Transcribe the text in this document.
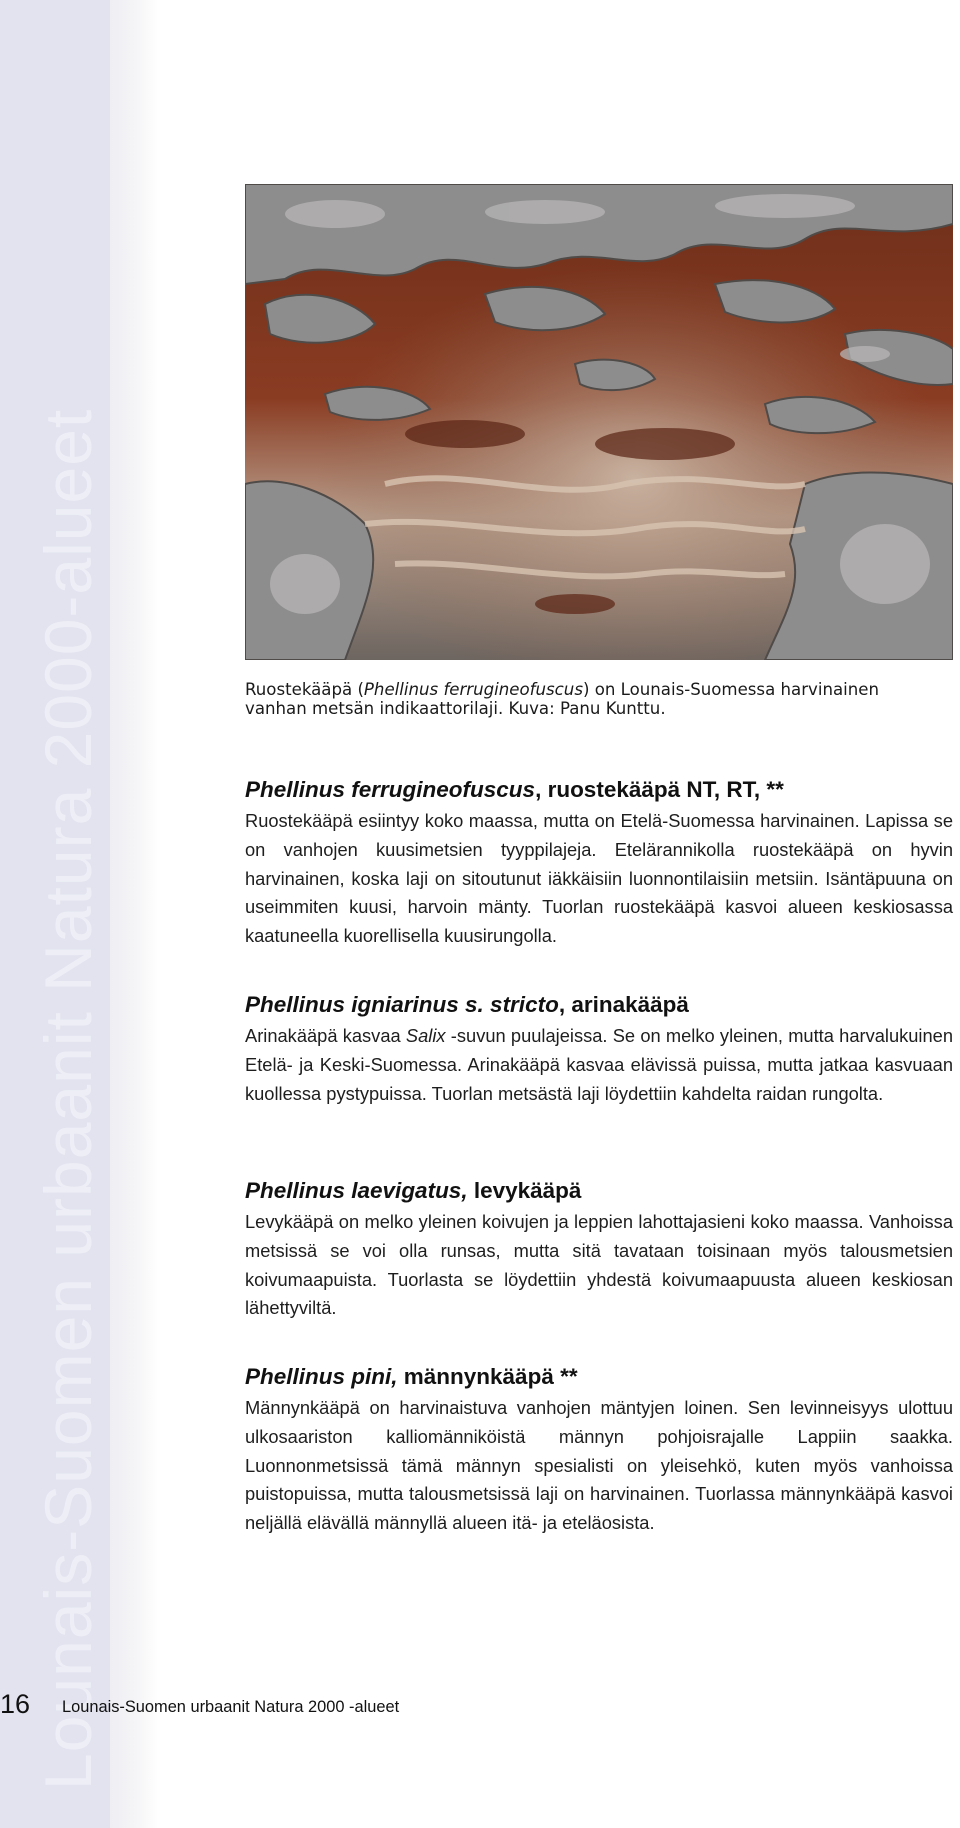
Lounais-Suomen urbaanit Natura 2000-alueet	Ruostekääpä (Phellinus ferrugineofuscus) on Lounais-Suomessa harvinainen vanhan metsän indikaattorilaji. Kuva: Panu Kunttu.
Phellinus ferrugineofuscus, ruostekääpä NT, RT, **

Ruostekääpä esiintyy koko maassa, mutta on Etelä-Suomessa harvinainen. Lapissa se on vanhojen kuusimetsien tyyppilajeja. Etelärannikolla ruostekääpä on hyvin harvinainen, koska laji on sitoutunut iäkkäisiin luonnontilaisiin metsiin. Isäntäpuuna on useimmiten kuusi, harvoin mänty. Tuorlan ruostekääpä kasvoi alueen keskiosassa kaatuneella kuorellisella kuusirungolla.

Phellinus igniarinus s. stricto, arinakääpä

Arinakääpä kasvaa Salix -suvun puulajeissa. Se on melko yleinen, mutta harvalukuinen Etelä- ja Keski-Suomessa. Arinakääpä kasvaa elävissä puissa, mutta jatkaa kasvuaan kuollessa pystypuissa. Tuorlan metsästä laji löydettiin kahdelta raidan rungolta.

Phellinus laevigatus, levykääpä

Levykääpä on melko yleinen koivujen ja leppien lahottajasieni koko maassa. Vanhoissa metsissä se voi olla runsas, mutta sitä tavataan toisinaan myös talousmetsien koivumaapuista. Tuorlasta se löydettiin yhdestä koivumaapuusta alueen keskiosan lähettyviltä.

Phellinus pini, männynkääpä **

Männynkääpä on harvinaistuva vanhojen mäntyjen loinen. Sen levinneisyys ulottuu ulkosaariston kalliomänniköistä männyn pohjoisrajalle Lappiin saakka. Luonnonmetsissä tämä männyn spesialisti on yleisehkö, kuten myös vanhoissa puistopuissa, mutta talousmetsissä laji on harvinainen. Tuorlassa männynkääpä kasvoi neljällä elävällä männyllä alueen itä- ja eteläosista.

16 Lounais-Suomen urbaanit Natura 2000 -alueet
